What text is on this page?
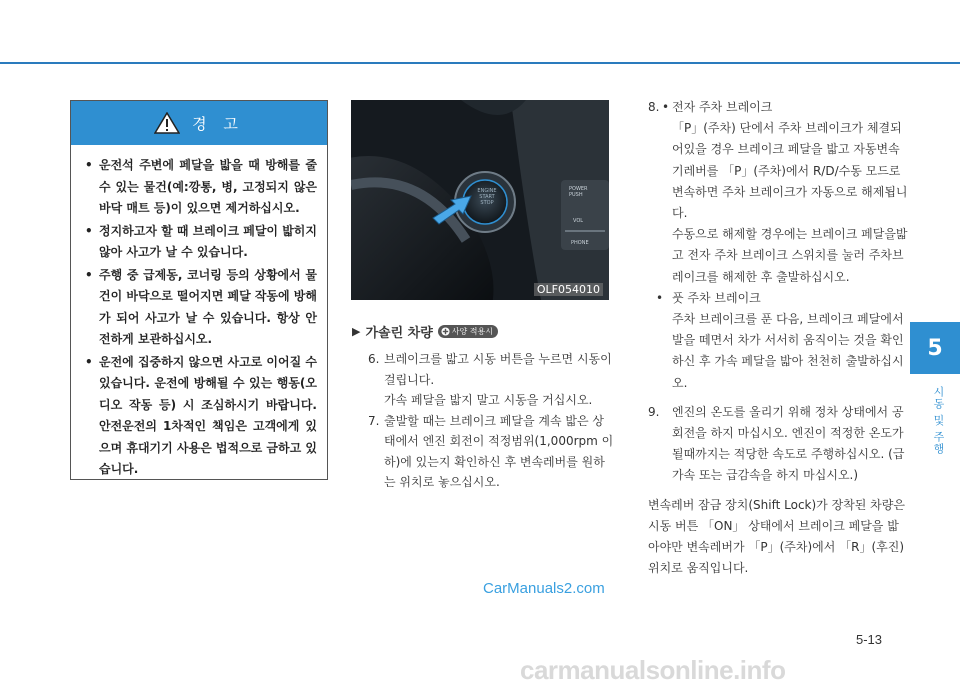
경 고
• 운전석 주변에 페달을 밟을 때 방해를 줄 수 있는 물건(예:깡통, 병, 고정되지 않은 바닥 매트 등)이 있으면 제거하십시오.
• 정지하고자 할 때 브레이크 페달이 밟히지않아 사고가 날 수 있습니다.
• 주행 중 급제동, 코너링 등의 상황에서 물건이 바닥으로 떨어지면 페달 작동에 방해가 되어 사고가 날 수 있습니다. 항상 안전하게 보관하십시오.
• 운전에 집중하지 않으면 사고로 이어질 수 있습니다. 운전에 방해될 수 있는 행동(오디오 작동 등) 시 조심하시기 바랍니다. 안전운전의 1차적인 책임은 고객에게 있으며 휴대기기 사용은 법적으로 금하고 있습니다.
ENGINE
START
STOP
POWER
PUSH
VOL
PHONE
OLF054010
▶ 가솔린 차량 사양 적용시
6. 브레이크를 밟고 시동 버튼을 누르면 시동이 걸립니다.
가속 페달을 밟지 말고 시동을 거십시오.
7. 출발할 때는 브레이크 페달을 계속 밟은 상태에서 엔진 회전이 적정범위(1,000rpm 이하)에 있는지 확인하신 후 변속레버를 원하는 위치로 놓으십시오.
8. • 전자 주차 브레이크
「P」(주차) 단에서 주차 브레이크가 체결되어있을 경우 브레이크 페달을 밟고 자동변속기레버를 「P」(주차)에서 R/D/수동 모드로 변속하면 주차 브레이크가 자동으로 해제됩니다.
수동으로 해제할 경우에는 브레이크 페달을밟고 전자 주차 브레이크 스위치를 눌러 주차브레이크를 해제한 후 출발하십시오.
• 풋 주차 브레이크
주차 브레이크를 푼 다음, 브레이크 페달에서발을 떼면서 차가 서서히 움직이는 것을 확인하신 후 가속 페달을 밟아 천천히 출발하십시오.
9.	엔진의 온도를 올리기 위해 정차 상태에서 공회전을 하지 마십시오. 엔진이 적정한 온도가 될때까지는 적당한 속도로 주행하십시오. (급가속 또는 급감속을 하지 마십시오.)
변속레버 잠금 장치(Shift Lock)가 장착된 차량은 시동 버튼 「ON」 상태에서 브레이크 페달을 밟아야만 변속레버가 「P」(주차)에서 「R」(후진) 위치로 움직입니다.
5
시동 및 주행
CarManuals2.com
5-13
carmanualsonline.info
